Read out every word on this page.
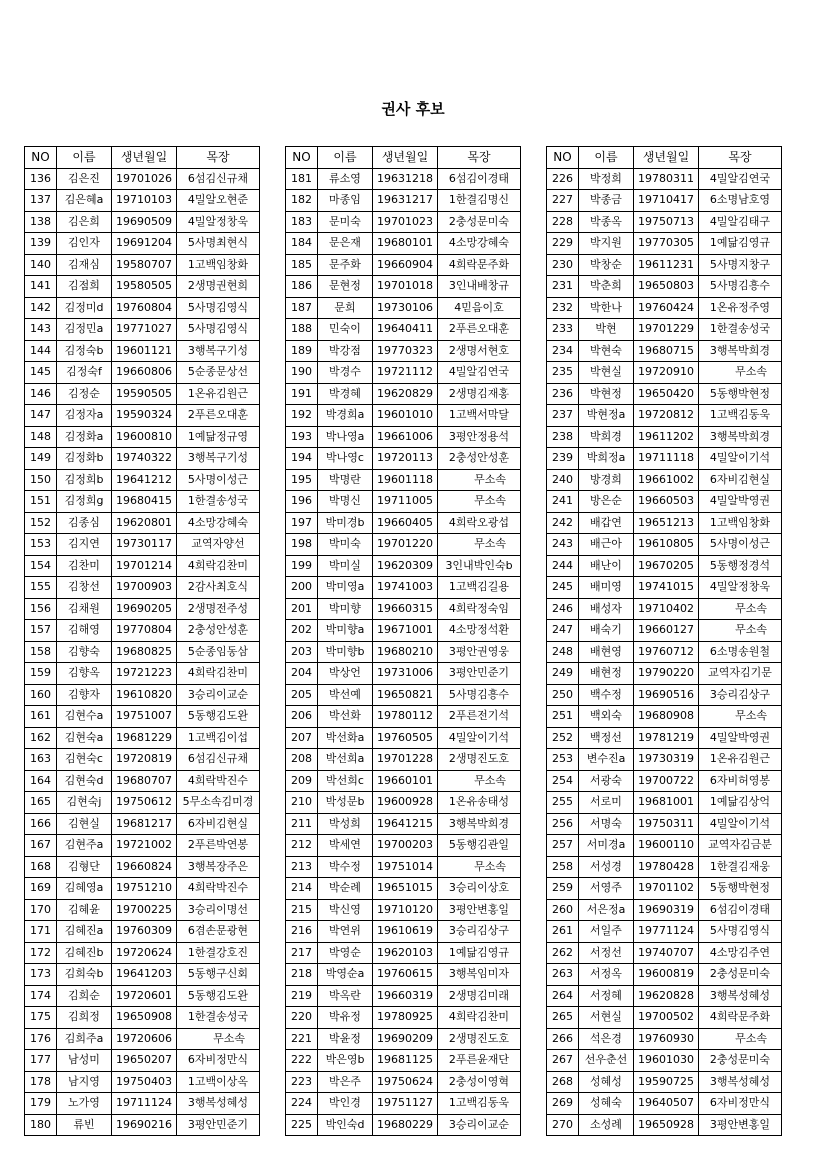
권사 후보
NO	이름	생년월일	목장
136	김은진	19701026	6섬김신규채
137	김은혜a	19710103	4밀알오현준
138	김은희	19690509	4밀알정창욱
139	김인자	19691204	5사명최현식
140	김재심	19580707	1고백임창화
141	김점희	19580505	2생명권현희
142	김정미d	19760804	5사명김영식
143	김정민a	19771027	5사명김영식
144	김정숙b	19601121	3행복구기성
145	김정숙f	19660806	5순종문상선
146	김정순	19590505	1온유김원근
147	김정자a	19590324	2푸른오대훈
148	김정화a	19600810	1예닮정규영
149	김정화b	19740322	3행복구기성
150	김정희b	19641212	5사명이성근
151	김정희g	19680415	1한결송성국
152	김종심	19620801	4소망강혜숙
153	김지연	19730117	교역자양선
154	김찬미	19701214	4희락김찬미
155	김창선	19700903	2감사최호식
156	김채원	19690205	2생명전주성
157	김해영	19770804	2충성안성훈
158	김향숙	19680825	5순종임동삼
159	김향옥	19721223	4희락김찬미
160	김향자	19610820	3승리이교순
161	김현수a	19751007	5동행김도완
162	김현숙a	19681229	1고백김이섭
163	김현숙c	19720819	6섬김신규채
164	김현숙d	19680707	4희락박진수
165	김현숙j	19750612	5무소속김미경
166	김현실	19681217	6자비김현실
167	김현주a	19721002	2푸른박연봉
168	김형단	19660824	3행복장주은
169	김혜영a	19751210	4희락박진수
170	김혜윤	19700225	3승리이명선
171	김혜진a	19760309	6겸손문광현
172	김혜진b	19720624	1한결강호진
173	김희숙b	19641203	5동행구신회
174	김희순	19720601	5동행김도완
175	김희정	19650908	1한결송성국
176	김희주a	19720606	무소속
177	남성미	19650207	6자비정만식
178	남지영	19750403	1고백이상옥
179	노가영	19711124	3행복성혜성
180	류빈	19690216	3평안민준기
NO	이름	생년월일	목장
181	류소영	19631218	6섬김이경태
182	마종임	19631217	1한결김명신
183	문미숙	19701023	2충성문미숙
184	문은재	19680101	4소망강혜숙
185	문주화	19660904	4희락문주화
186	문현정	19701018	3인내배창규
187	문희	19730106	4믿음이호
188	민숙이	19640411	2푸른오대훈
189	박강점	19770323	2생명서현호
190	박경수	19721112	4밀알김연국
191	박경혜	19620829	2생명김재홍
192	박경희a	19601010	1고백서막달
193	박나영a	19661006	3평안정용석
194	박나영c	19720113	2충성안성훈
195	박명란	19601118	무소속
196	박명신	19711005	무소속
197	박미경b	19660405	4희락오광섭
198	박미숙	19701220	무소속
199	박미실	19620309	3인내박인숙b
200	박미영a	19741003	1고백김길용
201	박미향	19660315	4희락정숙임
202	박미향a	19671001	4소망정석환
203	박미향b	19680210	3평안권영웅
204	박상언	19731006	3평안민준기
205	박선예	19650821	5사명김흥수
206	박선화	19780112	2푸른전기석
207	박선화a	19760505	4밀알이기석
208	박선희a	19701228	2생명진도호
209	박선희c	19660101	무소속
210	박성문b	19600928	1온유송태성
211	박성희	19641215	3행복박희경
212	박세연	19700203	5동행김관일
213	박수정	19751014	무소속
214	박순례	19651015	3승리이상호
215	박신영	19710120	3평안변홍일
216	박연위	19610619	3승리김상구
217	박영순	19620103	1예닮김영규
218	박영순a	19760615	3행복임미자
219	박옥란	19660319	2생명김미래
220	박유정	19780925	4희락김찬미
221	박윤정	19690209	2생명진도호
222	박은영b	19681125	2푸른윤재단
223	박은주	19750624	2충성이영혁
224	박인경	19751127	1고백김동욱
225	박인숙d	19680229	3승리이교순
NO	이름	생년월일	목장
226	박정희	19780311	4밀알김연국
227	박종금	19710417	6소명남호영
228	박종옥	19750713	4밀알김태구
229	박지원	19770305	1예닮김영규
230	박창순	19611231	5사명지창구
231	박춘희	19650803	5사명김흥수
232	박한나	19760424	1온유정주영
233	박현	19701229	1한결송성국
234	박현숙	19680715	3행복박희경
235	박현실	19720910	무소속
236	박현정	19650420	5동행박현정
237	박현정a	19720812	1고백김동욱
238	박희경	19611202	3행복박희경
239	박희정a	19711118	4밀알이기석
240	방경희	19661002	6자비김현실
241	방은순	19660503	4밀알박영권
242	배갑연	19651213	1고백임창화
243	배근아	19610805	5사명이성근
244	배난이	19670205	5동행정경석
245	배미영	19741015	4밀알정창욱
246	배성자	19710402	무소속
247	배숙기	19660127	무소속
248	배현영	19760712	6소명송원철
249	배현정	19790220	교역자김기문
250	백수정	19690516	3승리김상구
251	백외숙	19680908	무소속
252	백정선	19781219	4밀알박영권
253	변수진a	19730319	1온유김원근
254	서광숙	19700722	6자비허영봉
255	서로미	19681001	1예닮김상억
256	서명숙	19750311	4밀알이기석
257	서미경a	19600110	교역자김금분
258	서성경	19780428	1한결김재웅
259	서영주	19701102	5동행박현정
260	서은정a	19690319	6섬김이경태
261	서일주	19771124	5사명김영식
262	서정선	19740707	4소망김주연
263	서정옥	19600819	2충성문미숙
264	서정혜	19620828	3행복성혜성
265	서현실	19700502	4희락문주화
266	석은경	19760930	무소속
267	선우춘선	19601030	2충성문미숙
268	성혜성	19590725	3행복성혜성
269	성혜숙	19640507	6자비정만식
270	소성례	19650928	3평안변홍일
